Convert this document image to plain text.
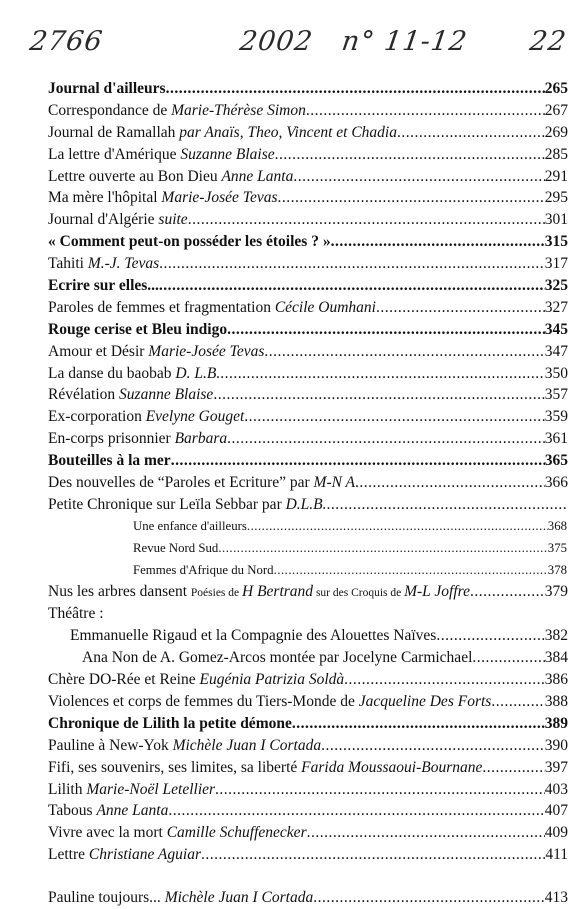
2766	2002 n° 11-12 22
Journal d'ailleurs .....	265
Correspondance de Marie-Thérèse Simon .....	267
Journal de Ramallah par Anaïs, Theo, Vincent et Chadia .....	269
La lettre d'Amérique Suzanne Blaise .....	285
Lettre ouverte au Bon Dieu Anne Lanta .....	291
Ma mère l'hôpital Marie-Josée Tevas .....	295
Journal d'Algérie suite .....	301
« Comment peut-on posséder les étoiles ? » .....	315
Tahiti M.-J. Tevas .....	317
Ecrire sur elles... .....	325
Paroles de femmes et fragmentation Cécile Oumhani .....	327
Rouge cerise et Bleu indigo .....	345
Amour et Désir Marie-Josée Tevas .....	347
La danse du baobab D. L.B. .....	350
Révélation Suzanne Blaise .....	357
Ex-corporation Evelyne Gouget .....	359
En-corps prisonnier Barbara .....	361
Bouteilles à la mer .....	365
Des nouvelles de “Paroles et Ecriture” par M-N A .....	366
Petite Chronique sur Leïla Sebbar par D.L.B.
.....
Une enfance d'ailleurs .....	368
Revue Nord Sud .....	375
Femmes d'Afrique du Nord .....	378
Nus les arbres dansent Poésies de H Bertrand sur des Croquis de M-L Joffre .....	379
Théâtre :
Emmanuelle Rigaud et la Compagnie des Alouettes Naïves .....	382
Ana Non de A. Gomez-Arcos montée par Jocelyne Carmichael .....	384
Chère DO-Rée et Reine Eugénia Patrizia Soldà .....	386
Violences et corps de femmes du Tiers-Monde de Jacqueline Des Forts .....	388
Chronique de Lilith la petite démone .....	389
Pauline à New-Yok Michèle Juan I Cortada .....	390
Fifi, ses souvenirs, ses limites, sa liberté Farida Moussaoui-Bournane .....	397
Lilith Marie-Noël Letellier .....	403
Tabous Anne Lanta .....	407
Vivre avec la mort Camille Schuffenecker .....	409
Lettre Christiane Aguiar .....	411
Pauline toujours... Michèle Juan I Cortada .....	413
